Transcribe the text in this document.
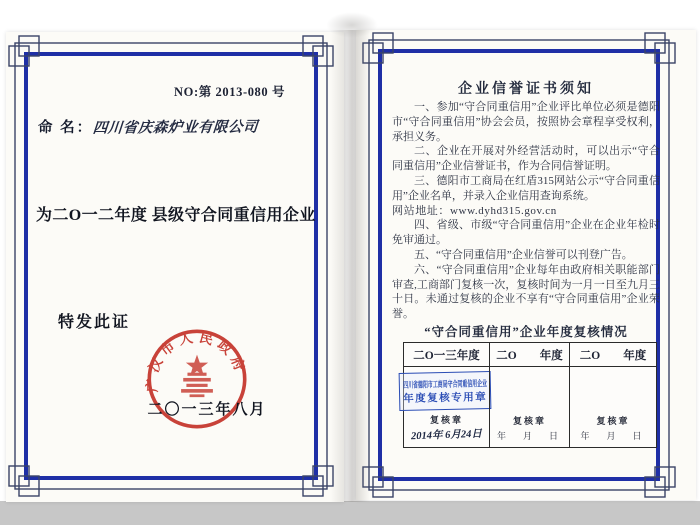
NO:第 2013-080 号
命 名：四川省庆森炉业有限公司
为二O一二年度 县级守合同重信用企业
特发此证
广汉市人民政府
二〇一三年八月
企业信誉证书须知

一、参加“守合同重信用”企业评比单位必须是德阳市“守合同重信用”协会会员，按照协会章程享受权利，承担义务。

二、企业在开展对外经营活动时，可以出示“守合同重信用”企业信誉证书，作为合同信誉证明。

三、德阳市工商局在红盾315网站公示“守合同重信用”企业名单，并录入企业信用查询系统。

网站地址：www.dyhd315.gov.cn

四、省级、市级“守合同重信用”企业在企业年检时免审通过。

五、“守合同重信用”企业信誉可以刊登广告。

六、“守合同重信用”企业每年由政府相关职能部门审查,工商部门复核一次，复核时间为一月一日至九月三十日。未通过复核的企业不享有“守合同重信用”企业荣誉。

“守合同重信用”企业年度复核情况
二O一三年度	二O　　年度	二O　　年度
四川省德阳市工商局守合同重信用企业
年度复核专用章
复核章
2014年 6月24日
复核章
年　月　日
复核章
年　月　日
